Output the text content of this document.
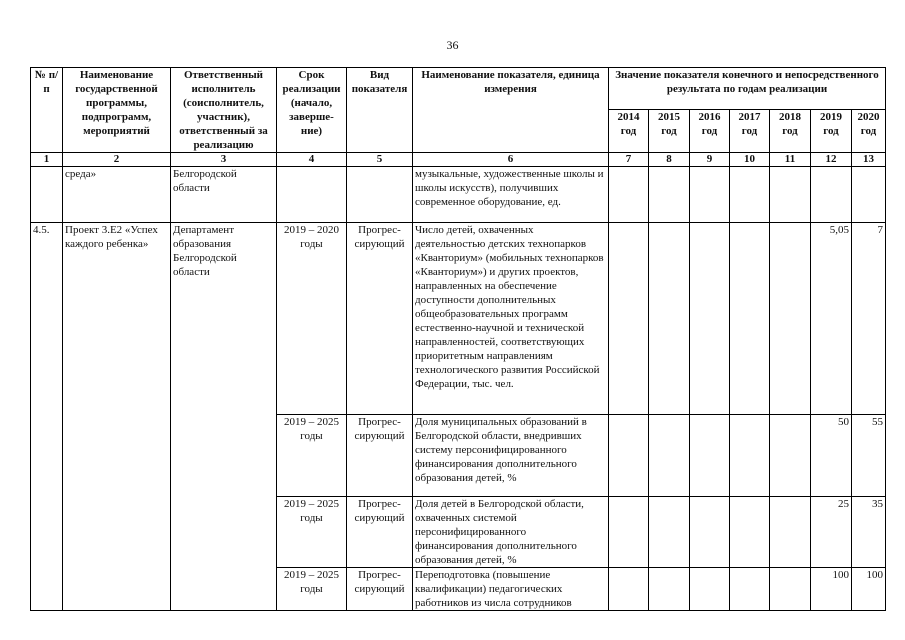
36
№ п/п	Наименование государственной программы, подпрограмм, мероприятий	Ответственный исполнитель (соисполнитель, участник), ответственный за реализацию	Срок реализации (начало, заверше-ние)	Вид показателя	Наименование показателя, единица измерения	Значение показателя конечного и непосредственного результата по годам реализации						
						2014 год	2015 год	2016 год	2017 год	2018 год	2019 год	2020 год
1	2	3	4	5	6	7	8	9	10	11	12	13
	среда»	Белгородской области			музыкальные, художественные школы и школы искусств), получивших современное оборудование, ед.							
4.5.	Проект 3.Е2 «Успех каждого ребенка»	Департамент образования Белгородской области	2019 – 2020 годы	Прогрес-сирующий	Число детей, охваченных деятельностью детских технопарков «Кванториум» (мобильных технопарков «Кванториум») и других проектов, направленных на обеспечение доступности дополнительных общеобразовательных программ естественно-научной и технической направленностей, соответствующих приоритетным направлениям технологического развития Российской Федерации, тыс. чел.						5,05	7
			2019 – 2025 годы	Прогрес-сирующий	Доля муниципальных образований в Белгородской области, внедривших систему персонифицированного финансирования дополнительного образования детей, %						50	55
			2019 – 2025 годы	Прогрес-сирующий	Доля детей в Белгородской области, охваченных системой персонифицированного финансирования дополнительного образования детей, %						25	35
			2019 – 2025 годы	Прогрес-сирующий	Переподготовка (повышение квалификации) педагогических работников из числа сотрудников						100	100
